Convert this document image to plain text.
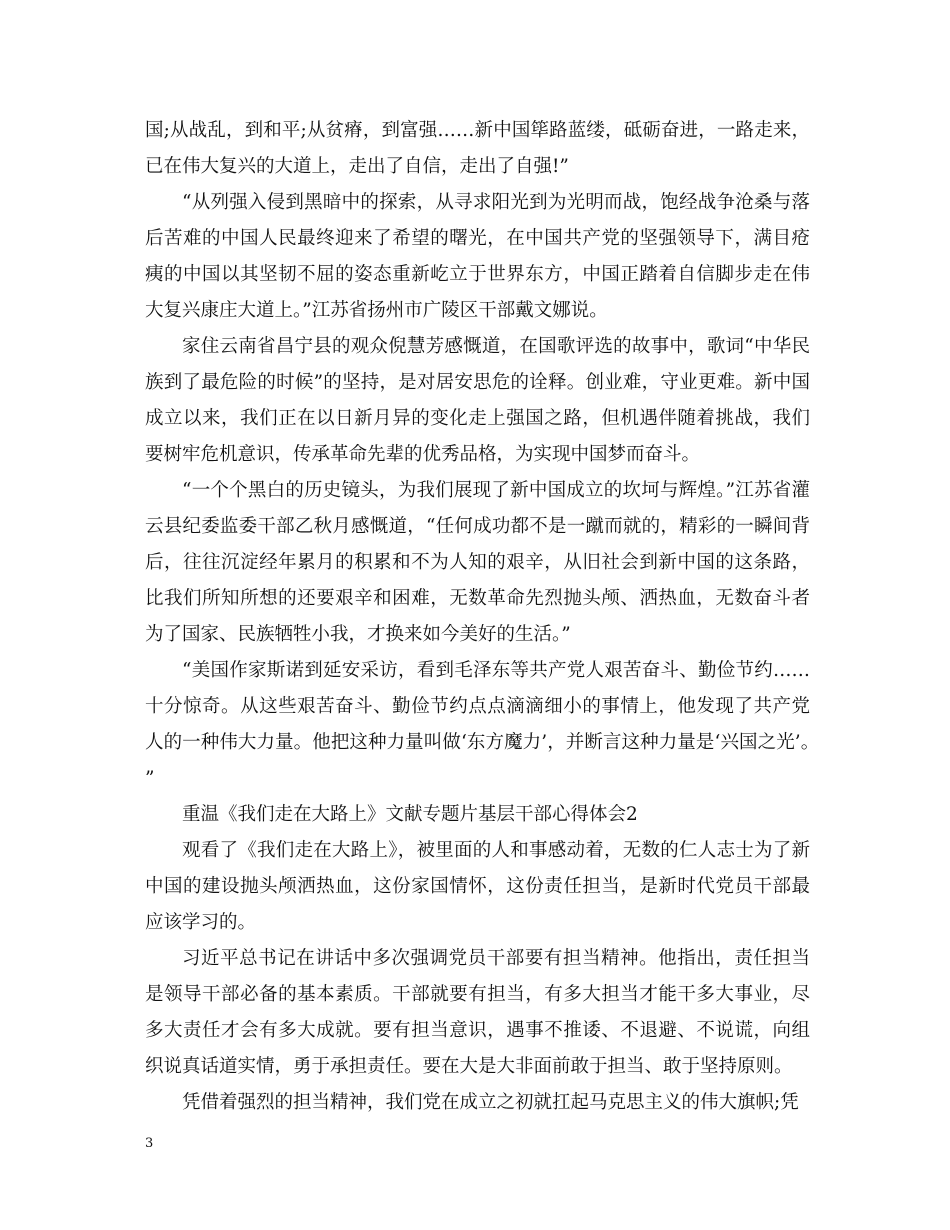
国;从战乱，到和平;从贫瘠，到富强……新中国筚路蓝缕，砥砺奋进，一路走来，已在伟大复兴的大道上，走出了自信，走出了自强!”

“从列强入侵到黑暗中的探索，从寻求阳光到为光明而战，饱经战争沧桑与落后苦难的中国人民最终迎来了希望的曙光，在中国共产党的坚强领导下，满目疮痍的中国以其坚韧不屈的姿态重新屹立于世界东方，中国正踏着自信脚步走在伟大复兴康庄大道上。”江苏省扬州市广陵区干部戴文娜说。

家住云南省昌宁县的观众倪慧芳感慨道，在国歌评选的故事中，歌词“中华民族到了最危险的时候”的坚持，是对居安思危的诠释。创业难，守业更难。新中国成立以来，我们正在以日新月异的变化走上强国之路，但机遇伴随着挑战，我们要树牢危机意识，传承革命先辈的优秀品格，为实现中国梦而奋斗。

“一个个黑白的历史镜头，为我们展现了新中国成立的坎坷与辉煌。”江苏省灌云县纪委监委干部乙秋月感慨道，“任何成功都不是一蹴而就的，精彩的一瞬间背后，往往沉淀经年累月的积累和不为人知的艰辛，从旧社会到新中国的这条路，比我们所知所想的还要艰辛和困难，无数革命先烈抛头颅、洒热血，无数奋斗者为了国家、民族牺牲小我，才换来如今美好的生活。”

“美国作家斯诺到延安采访，看到毛泽东等共产党人艰苦奋斗、勤俭节约……十分惊奇。从这些艰苦奋斗、勤俭节约点点滴滴细小的事情上，他发现了共产党人的一种伟大力量。他把这种力量叫做‘东方魔力’，并断言这种力量是‘兴国之光’。”

重温《我们走在大路上》文献专题片基层干部心得体会2

观看了《我们走在大路上》，被里面的人和事感动着，无数的仁人志士为了新中国的建设抛头颅洒热血，这份家国情怀，这份责任担当，是新时代党员干部最应该学习的。

习近平总书记在讲话中多次强调党员干部要有担当精神。他指出，责任担当是领导干部必备的基本素质。干部就要有担当，有多大担当才能干多大事业，尽多大责任才会有多大成就。要有担当意识，遇事不推诿、不退避、不说谎，向组织说真话道实情，勇于承担责任。要在大是大非面前敢于担当、敢于坚持原则。

凭借着强烈的担当精神，我们党在成立之初就扛起马克思主义的伟大旗帜;凭

3
